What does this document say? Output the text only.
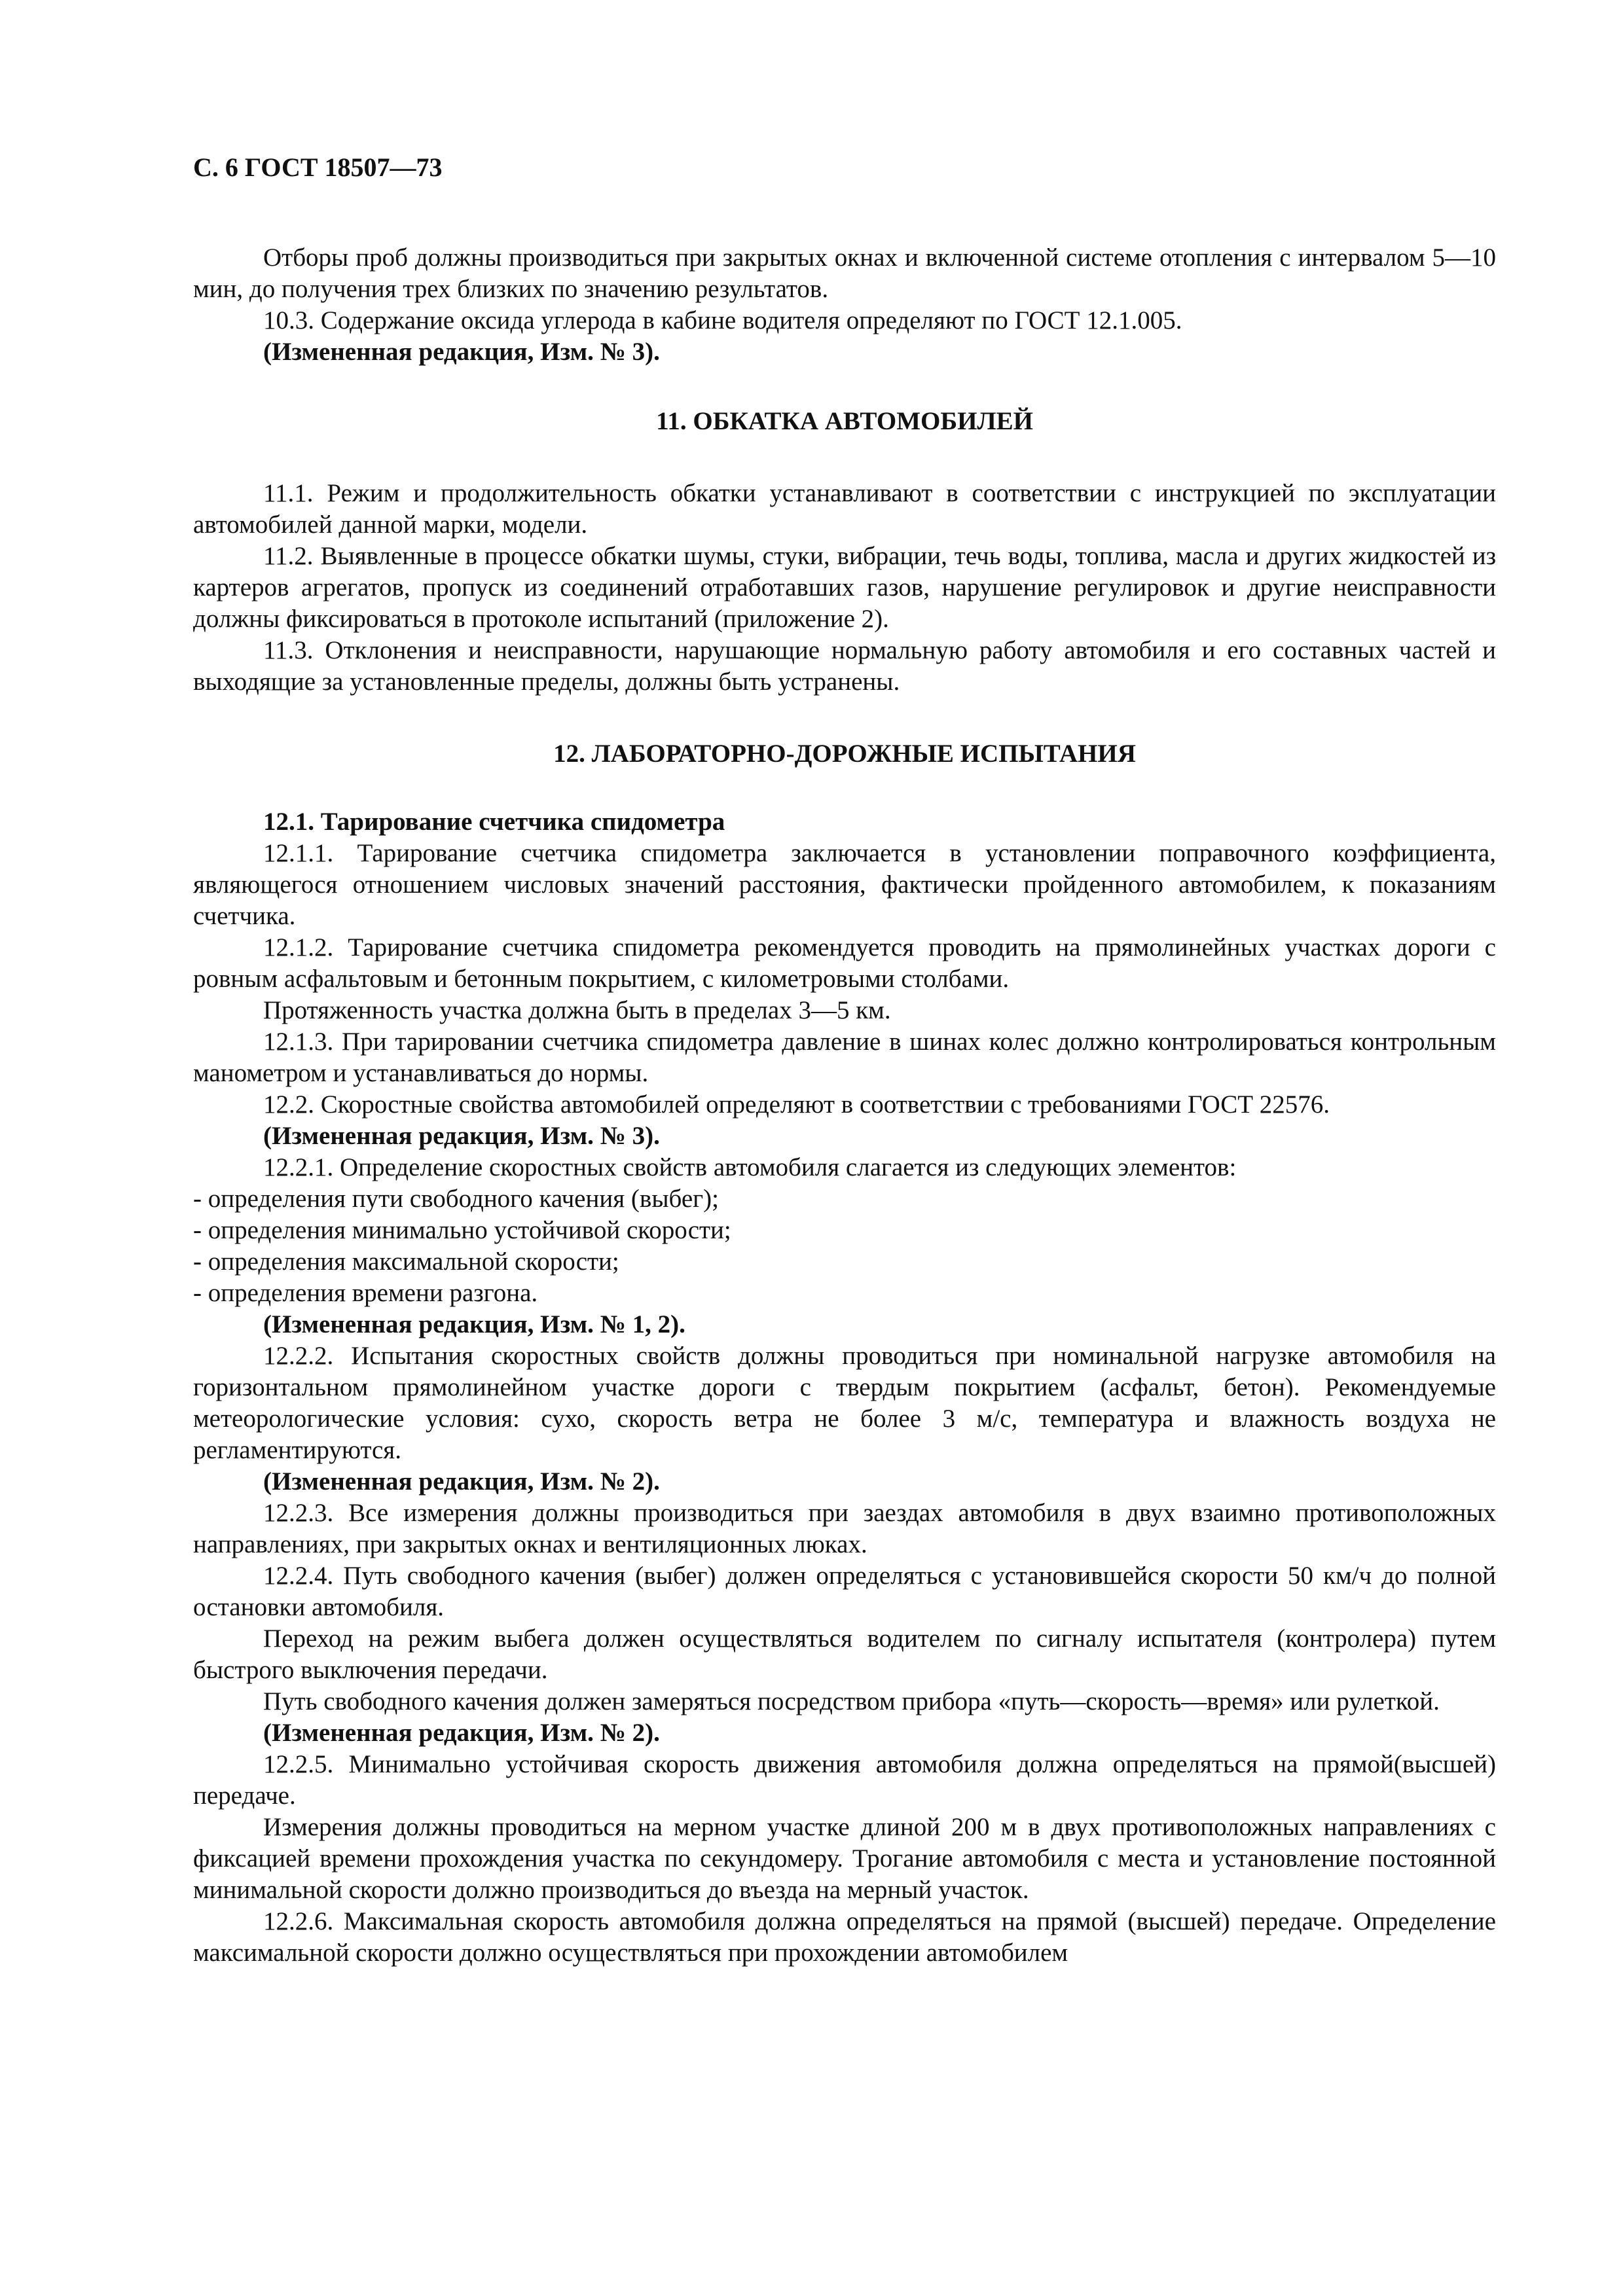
С. 6 ГОСТ 18507—73

Отборы проб должны производиться при закрытых окнах и включенной системе отопления с интервалом 5—10 мин, до получения трех близких по значению результатов.

10.3. Содержание оксида углерода в кабине водителя определяют по ГОСТ 12.1.005.

(Измененная редакция, Изм. № 3).

11. ОБКАТКА АВТОМОБИЛЕЙ

11.1. Режим и продолжительность обкатки устанавливают в соответствии с инструкцией по эксплуатации автомобилей данной марки, модели.

11.2. Выявленные в процессе обкатки шумы, стуки, вибрации, течь воды, топлива, масла и других жидкостей из картеров агрегатов, пропуск из соединений отработавших газов, нарушение регулировок и другие неисправности должны фиксироваться в протоколе испытаний (приложение 2).

11.3. Отклонения и неисправности, нарушающие нормальную работу автомобиля и его составных частей и выходящие за установленные пределы, должны быть устранены.

12. ЛАБОРАТОРНО-ДОРОЖНЫЕ ИСПЫТАНИЯ

12.1. Тарирование счетчика спидометра

12.1.1. Тарирование счетчика спидометра заключается в установлении поправочного коэффициента, являющегося отношением числовых значений расстояния, фактически пройденного автомобилем, к показаниям счетчика.

12.1.2. Тарирование счетчика спидометра рекомендуется проводить на прямолинейных участках дороги с ровным асфальтовым и бетонным покрытием, с километровыми столбами.

Протяженность участка должна быть в пределах 3—5 км.

12.1.3. При тарировании счетчика спидометра давление в шинах колес должно контролироваться контрольным манометром и устанавливаться до нормы.

12.2. Скоростные свойства автомобилей определяют в соответствии с требованиями ГОСТ 22576.

(Измененная редакция, Изм. № 3).

12.2.1. Определение скоростных свойств автомобиля слагается из следующих элементов:

- определения пути свободного качения (выбег);

- определения минимально устойчивой скорости;

- определения максимальной скорости;

- определения времени разгона.

(Измененная редакция, Изм. № 1, 2).

12.2.2. Испытания скоростных свойств должны проводиться при номинальной нагрузке автомобиля на горизонтальном прямолинейном участке дороги с твердым покрытием (асфальт, бетон). Рекомендуемые метеорологические условия: сухо, скорость ветра не более 3 м/с, температура и влажность воздуха не регламентируются.

(Измененная редакция, Изм. № 2).

12.2.3. Все измерения должны производиться при заездах автомобиля в двух взаимно противоположных направлениях, при закрытых окнах и вентиляционных люках.

12.2.4. Путь свободного качения (выбег) должен определяться с установившейся скорости 50 км/ч до полной остановки автомобиля.

Переход на режим выбега должен осуществляться водителем по сигналу испытателя (контролера) путем быстрого выключения передачи.

Путь свободного качения должен замеряться посредством прибора «путь—скорость—время» или рулеткой.

(Измененная редакция, Изм. № 2).

12.2.5. Минимально устойчивая скорость движения автомобиля должна определяться на прямой(высшей) передаче.

Измерения должны проводиться на мерном участке длиной 200 м в двух противоположных направлениях с фиксацией времени прохождения участка по секундомеру. Трогание автомобиля с места и установление постоянной минимальной скорости должно производиться до въезда на мерный участок.

12.2.6. Максимальная скорость автомобиля должна определяться на прямой (высшей) передаче. Определение максимальной скорости должно осуществляться при прохождении автомобилем
